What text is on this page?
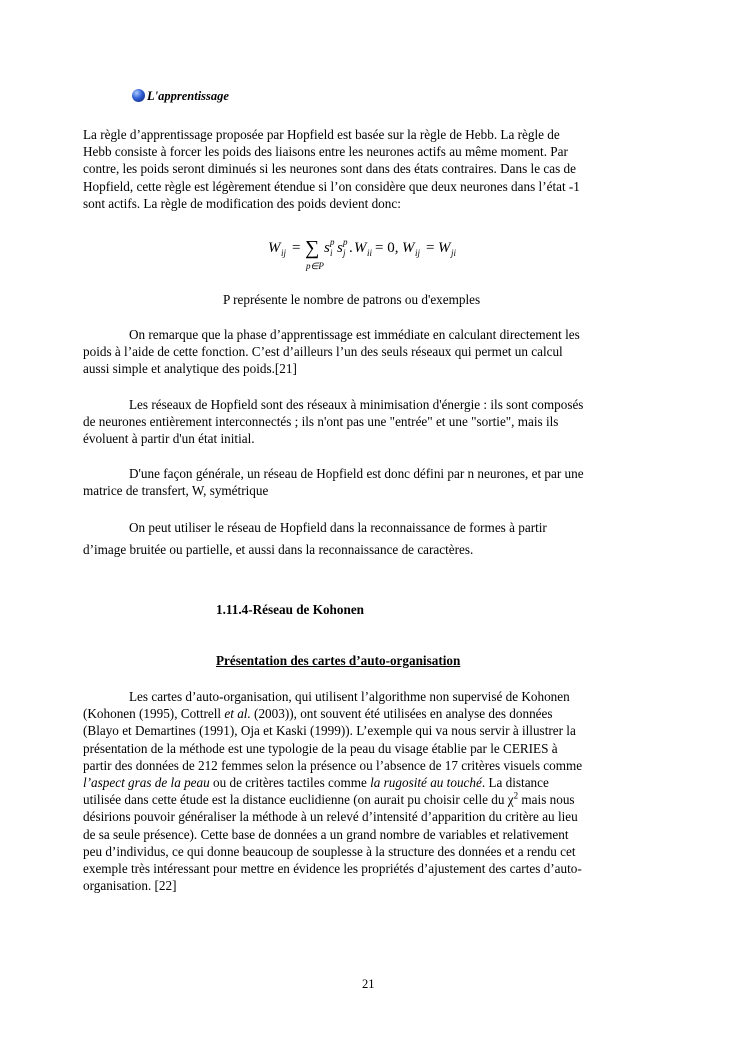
L'apprentissage
La règle d’apprentissage proposée par Hopfield est basée sur la règle de Hebb. La règle de
Hebb consiste à forcer les poids des liaisons entre les neurones actifs au même moment. Par
contre, les poids seront diminués si les neurones sont dans des états contraires. Dans le cas de
Hopfield, cette règle est légèrement étendue si l’on considère que deux neurones dans l’état -1
sont actifs. La règle de modification des poids devient donc:
W ij = ∑
p∈P
s i
p s j
p . W ii = 0, W ij = W ji
P représente le nombre de patrons ou d'exemples
On remarque que la phase d’apprentissage est immédiate en calculant directement les
poids à l’aide de cette fonction. C’est d’ailleurs l’un des seuls réseaux qui permet un calcul
aussi simple et analytique des poids.[21]
Les réseaux de Hopfield sont des réseaux à minimisation d'énergie : ils sont composés
de neurones entièrement interconnectés ; ils n'ont pas une "entrée" et une "sortie", mais ils
évoluent à partir d'un état initial.
D'une façon générale, un réseau de Hopfield est donc défini par n neurones, et par une
matrice de transfert, W, symétrique
On peut utiliser le réseau de Hopfield dans la reconnaissance de formes à partir
d’image bruitée ou partielle, et aussi dans la reconnaissance de caractères.
1.11.4-Réseau de Kohonen
Présentation des cartes d’auto-organisation
Les cartes d’auto-organisation, qui utilisent l’algorithme non supervisé de Kohonen
(Kohonen (1995), Cottrell et al. (2003)), ont souvent été utilisées en analyse des données
(Blayo et Demartines (1991), Oja et Kaski (1999)). L’exemple qui va nous servir à illustrer la
présentation de la méthode est une typologie de la peau du visage établie par le CERIES à
partir des données de 212 femmes selon la présence ou l’absence de 17 critères visuels comme
l’aspect gras de la peau ou de critères tactiles comme la rugosité au touché. La distance
utilisée dans cette étude est la distance euclidienne (on aurait pu choisir celle du $\chi^2$ mais nous
désirions pouvoir généraliser la méthode à un relevé d’intensité d’apparition du critère au lieu
de sa seule présence). Cette base de données a un grand nombre de variables et relativement
peu d’individus, ce qui donne beaucoup de souplesse à la structure des données et a rendu cet
exemple très intéressant pour mettre en évidence les propriétés d’ajustement des cartes d’auto-
organisation. [22]
21
